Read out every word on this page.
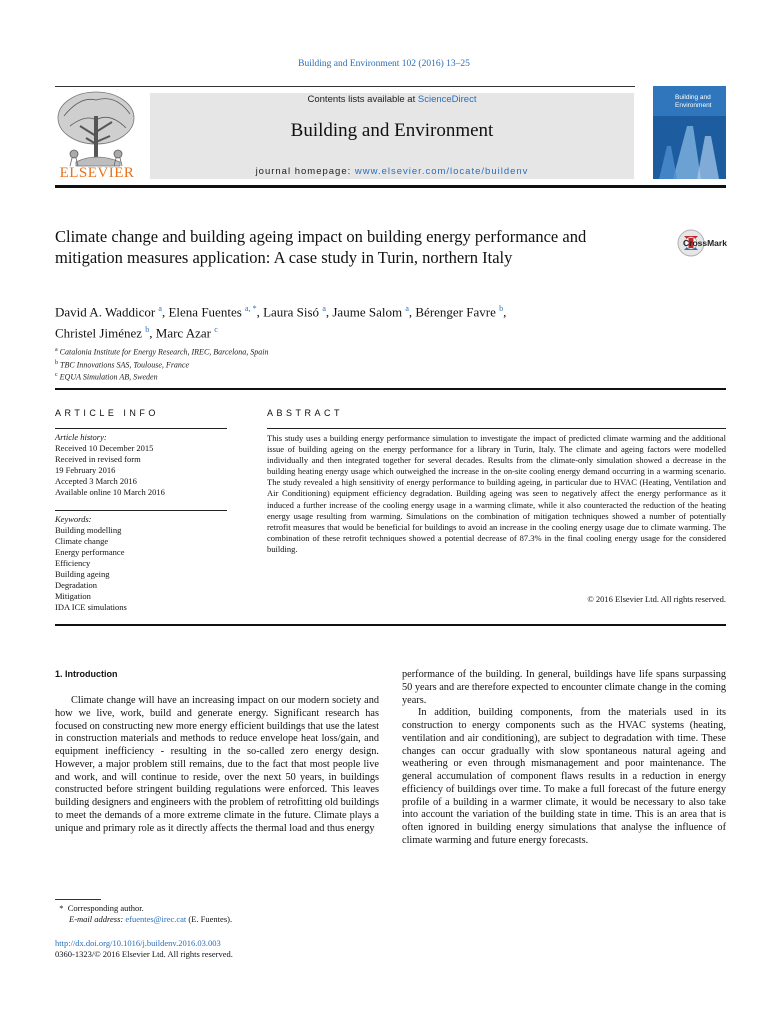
Building and Environment 102 (2016) 13–25
ELSEVIER
Contents lists available at ScienceDirect
Building and Environment
journal homepage: www.elsevier.com/locate/buildenv
Building and
Environment
Climate change and building ageing impact on building energy performance and mitigation measures application: A case study in Turin, northern Italy
CrossMark
David A. Waddicor $^a$, Elena Fuentes $^{a, *}$, Laura Sisó $^a$, Jaume Salom $^a$, Bérenger Favre $^b$,
Christel Jiménez $^b$, Marc Azar $^c$
$^a$ Catalonia Institute for Energy Research, IREC, Barcelona, Spain
$^b$ TBC Innovations SAS, Toulouse, France
$^c$ EQUA Simulation AB, Sweden
ARTICLE INFO
Article history:
Received 10 December 2015
Received in revised form
19 February 2016
Accepted 3 March 2016
Available online 10 March 2016
Keywords:
Building modelling
Climate change
Energy performance
Efficiency
Building ageing
Degradation
Mitigation
IDA ICE simulations
ABSTRACT
This study uses a building energy performance simulation to investigate the impact of predicted climate warming and the additional issue of building ageing on the energy performance for a library in Turin, Italy. The climate and ageing factors were modelled individually and then integrated together for several decades. Results from the climate-only simulation showed a decrease in the building heating energy usage which outweighed the increase in the on-site cooling energy demand occurring in a warming scenario. The study revealed a high sensitivity of energy performance to building ageing, in particular due to HVAC (Heating, Ventilation and Air Conditioning) equipment efficiency degradation. Building ageing was seen to negatively affect the energy performance as it induced a further increase of the cooling energy usage in a warming climate, while it also counteracted the reduction of the heating energy usage resulting from warming. Simulations on the combination of mitigation techniques showed a number of potentially retrofit measures that would be beneficial for buildings to avoid an increase in the cooling energy usage due to climate warming. The combination of these retrofit techniques showed a potential decrease of 87.3% in the final cooling energy usage for the considered building.
© 2016 Elsevier Ltd. All rights reserved.
1. Introduction

Climate change will have an increasing impact on our modern society and how we live, work, build and generate energy. Significant research has focused on constructing new more energy efficient buildings that use the latest in construction materials and methods to reduce envelope heat loss/gain, and equipment inefficiency - resulting in the so-called zero energy design. However, a major problem still remains, due to the fact that most people live and work, and will continue to reside, over the next 50 years, in buildings constructed before stringent building regulations were enforced. This leaves building designers and engineers with the problem of retrofitting old buildings to meet the demands of a more extreme climate in the future. Climate plays a unique and primary role as it directly affects the thermal load and thus energy

performance of the building. In general, buildings have life spans surpassing 50 years and are therefore expected to encounter climate change in the coming years.

In addition, building components, from the materials used in its construction to energy components such as the HVAC systems (heating, ventilation and air conditioning), are subject to degradation with time. These changes can occur gradually with slow spontaneous natural ageing and weathering or even through mismanagement and poor maintenance. The general accumulation of component flaws results in a reduction in energy efficiency of buildings over time. To make a full forecast of the future energy profile of a building in a warmer climate, it would be necessary to also take into account the variation of the building state in time. This is an area that is often ignored in building energy simulations that analyse the influence of climate warming and future energy forecasts.

* Corresponding author.
E-mail address: efuentes@irec.cat (E. Fuentes).
http://dx.doi.org/10.1016/j.buildenv.2016.03.003
0360-1323/© 2016 Elsevier Ltd. All rights reserved.
